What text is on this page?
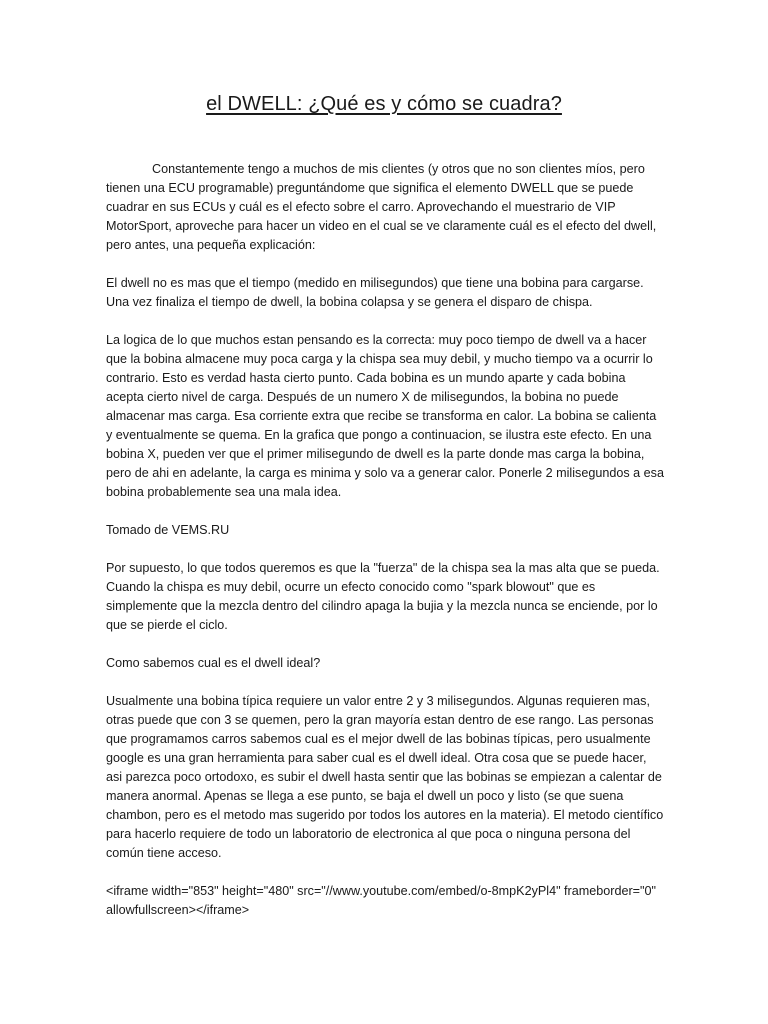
el DWELL: ¿Qué es y cómo se cuadra?

Constantemente tengo a muchos de mis clientes (y otros que no son clientes míos, pero tienen una ECU programable) preguntándome que significa el elemento DWELL que se puede cuadrar en sus ECUs y cuál es el efecto sobre el carro. Aprovechando el muestrario de VIP MotorSport, aproveche para hacer un video en el cual se ve claramente cuál es el efecto del dwell, pero antes, una pequeña explicación:

El dwell no es mas que el tiempo (medido en milisegundos) que tiene una bobina para cargarse. Una vez finaliza el tiempo de dwell, la bobina colapsa y se genera el disparo de chispa.

La logica de lo que muchos estan pensando es la correcta: muy poco tiempo de dwell va a hacer que la bobina almacene muy poca carga y la chispa sea muy debil, y mucho tiempo va a ocurrir lo contrario. Esto es verdad hasta cierto punto. Cada bobina es un mundo aparte y cada bobina acepta cierto nivel de carga. Después de un numero X de milisegundos, la bobina no puede almacenar mas carga. Esa corriente extra que recibe se transforma en calor. La bobina se calienta y eventualmente se quema. En la grafica que pongo a continuacion, se ilustra este efecto. En una bobina X, pueden ver que el primer milisegundo de dwell es la parte donde mas carga la bobina, pero de ahi en adelante, la carga es minima y solo va a generar calor. Ponerle 2 milisegundos a esa bobina probablemente sea una mala idea.

Tomado de VEMS.RU

Por supuesto, lo que todos queremos es que la "fuerza" de la chispa sea la mas alta que se pueda. Cuando la chispa es muy debil, ocurre un efecto conocido como "spark blowout" que es simplemente que la mezcla dentro del cilindro apaga la bujia y la mezcla nunca se enciende, por lo que se pierde el ciclo.

Como sabemos cual es el dwell ideal?

Usualmente una bobina típica requiere un valor entre 2 y 3 milisegundos. Algunas requieren mas, otras puede que con 3 se quemen, pero la gran mayoría estan dentro de ese rango. Las personas que programamos carros sabemos cual es el mejor dwell de las bobinas típicas, pero usualmente google es una gran herramienta para saber cual es el dwell ideal. Otra cosa que se puede hacer, asi parezca poco ortodoxo, es subir el dwell hasta sentir que las bobinas se empiezan a calentar de manera anormal. Apenas se llega a ese punto, se baja el dwell un poco y listo (se que suena chambon, pero es el metodo mas sugerido por todos los autores en la materia). El metodo científico para hacerlo requiere de todo un laboratorio de electronica al que poca o ninguna persona del común tiene acceso.

<iframe width="853" height="480" src="//www.youtube.com/embed/o-8mpK2yPl4" frameborder="0" allowfullscreen></iframe>
